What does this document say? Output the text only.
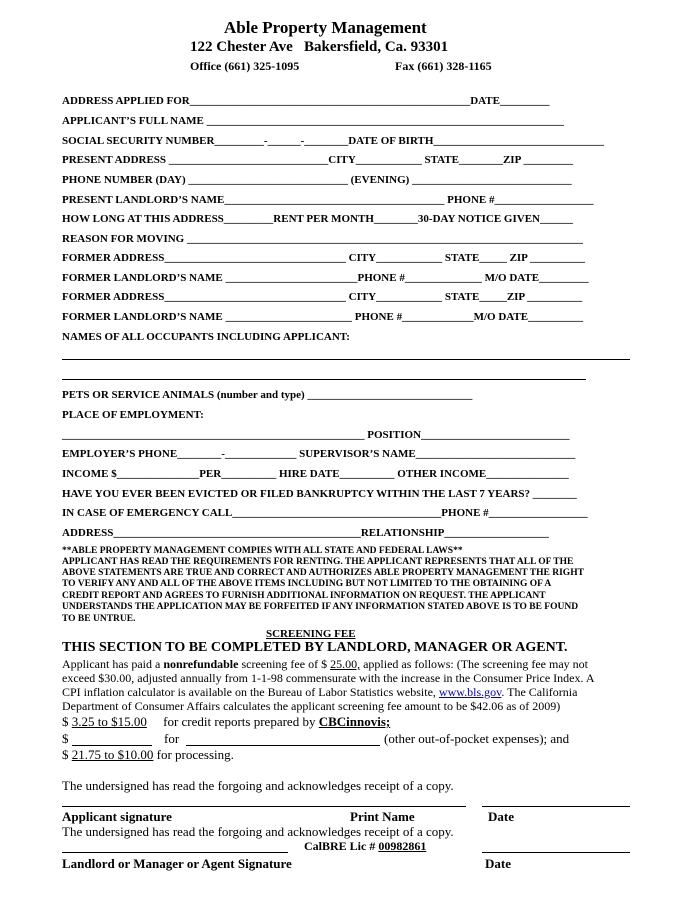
Able Property Management
122 Chester Ave   Bakersfield, Ca. 93301
Office (661) 325-1095	Fax (661) 328-1165
ADDRESS APPLIED FOR___________________________________________________DATE_________
APPLICANT’S FULL NAME _________________________________________________________________
SOCIAL SECURITY NUMBER_________-______-________DATE OF BIRTH_______________________________
PRESENT ADDRESS _____________________________CITY____________ STATE________ZIP _________
PHONE NUMBER (DAY) _____________________________ (EVENING) _____________________________
PRESENT LANDLORD’S NAME________________________________________ PHONE #__________________
HOW LONG AT THIS ADDRESS_________RENT PER MONTH________30-DAY NOTICE GIVEN______
REASON FOR MOVING ________________________________________________________________________
FORMER ADDRESS_________________________________ CITY____________ STATE_____ ZIP __________
FORMER LANDLORD’S NAME ________________________PHONE #______________ M/O DATE_________
FORMER ADDRESS_________________________________ CITY____________ STATE_____ZIP __________
FORMER LANDLORD’S NAME _______________________ PHONE #_____________M/O DATE__________
NAMES OF ALL OCCUPANTS INCLUDING APPLICANT:
PETS OR SERVICE ANIMALS (number and type) ______________________________
PLACE OF EMPLOYMENT:
_______________________________________________________ POSITION___________________________
EMPLOYER’S PHONE________-_____________ SUPERVISOR’S NAME_____________________________
INCOME $_______________PER__________ HIRE DATE__________ OTHER INCOME_______________
HAVE YOU EVER BEEN EVICTED OR FILED BANKRUPTCY WITHIN THE LAST 7 YEARS? ________
IN CASE OF EMERGENCY CALL______________________________________PHONE #__________________
ADDRESS_____________________________________________RELATIONSHIP___________________
**ABLE PROPERTY MANAGEMENT COMPIES WITH ALL STATE AND FEDERAL LAWS**
APPLICANT HAS READ THE REQUIREMENTS FOR RENTING. THE APPLICANT REPRESENTS THAT ALL OF THE
ABOVE STATEMENTS ARE TRUE AND CORRECT AND AUTHORIZES ABLE PROPERTY MANAGEMENT THE RIGHT
TO VERIFY ANY AND ALL OF THE ABOVE ITEMS INCLUDING BUT NOT LIMITED TO THE OBTAINING OF A
CREDIT REPORT AND AGREES TO FURNISH ADDITIONAL INFORMATION ON REQUEST. THE APPLICANT
UNDERSTANDS THE APPLICATION MAY BE FORFEITED IF ANY INFORMATION STATED ABOVE IS TO BE FOUND
TO BE UNTRUE.
SCREENING FEE
THIS SECTION TO BE COMPLETED BY LANDLORD, MANAGER OR AGENT.
Applicant has paid a nonrefundable screening fee of $ 25.00, applied as follows: (The screening fee may not
exceed $30.00, adjusted annually from 1-1-98 commensurate with the increase in the Consumer Price Index. A
CPI inflation calculator is available on the Bureau of Labor Statistics website, www.bls.gov. The California
Department of Consumer Affairs calculates the applicant screening fee amount to be $42.06 as of 2009)
$ 3.25 to $15.00     for credit reports prepared by CBCinnovis;
$	for	(other out-of-pocket expenses); and
$ 21.75 to $10.00 for processing.
The undersigned has read the forgoing and acknowledges receipt of a copy.
Applicant signature	Print Name	Date
The undersigned has read the forgoing and acknowledges receipt of a copy.
CalBRE Lic # 00982861
Landlord or Manager or Agent Signature	Date
